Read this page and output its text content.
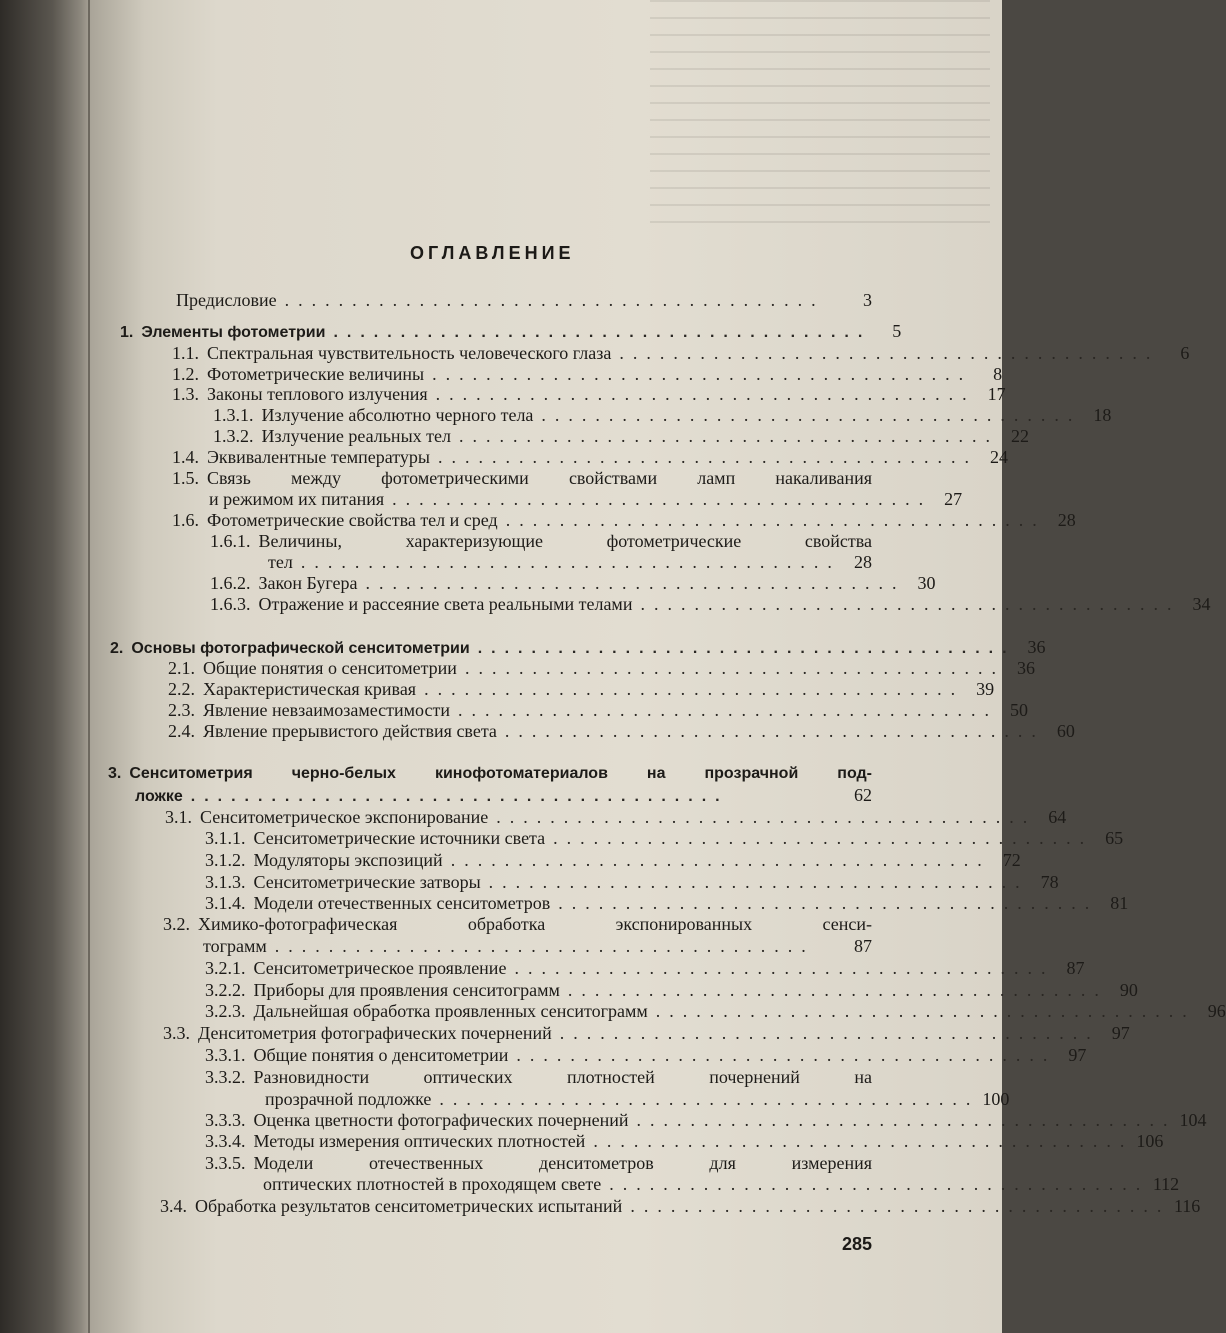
ОГЛАВЛЕНИЕ
Предисловие ........................................	3
1. Элементы фотометрии ........................................	5
1.1. Спектральная чувствительность человеческого глаза ........................................	6
1.2. Фотометрические величины ........................................	8
1.3. Законы теплового излучения ........................................ 17
1.3.1. Излучение абсолютно черного тела ........................................ 18
1.3.2. Излучение реальных тел ........................................ 22
1.4. Эквивалентные температуры ........................................ 24
1.5. Связь между фотометрическими свойствами ламп накаливания
и режимом их питания ........................................ 27
1.6. Фотометрические свойства тел и сред ........................................ 28
1.6.1. Величины, характеризующие фотометрические свойства
тел ........................................ 28
1.6.2. Закон Бугера ........................................ 30
1.6.3. Отражение и рассеяние света реальными телами ........................................ 34
2. Основы фотографической сенситометрии ........................................ 36
2.1. Общие понятия о сенситометрии ........................................ 36
2.2. Характеристическая кривая ........................................ 39
2.3. Явление невзаимозаместимости ........................................ 50
2.4. Явление прерывистого действия света ........................................ 60
3. Сенситометрия черно-белых кинофотоматериалов на прозрачной под-
ложке ........................................	62
3.1. Сенситометрическое экспонирование ........................................ 64
3.1.1. Сенситометрические источники света ........................................ 65
3.1.2. Модуляторы экспозиций ........................................ 72
3.1.3. Сенситометрические затворы ........................................ 78
3.1.4. Модели отечественных сенситометров ........................................ 81
3.2. Химико-фотографическая обработка экспонированных сенси-
тограмм ........................................	87
3.2.1. Сенситометрическое проявление ........................................ 87
3.2.2. Приборы для проявления сенситограмм ........................................ 90
3.2.3. Дальнейшая обработка проявленных сенситограмм ........................................ 96
3.3. Денситометрия фотографических почернений ........................................ 97
3.3.1. Общие понятия о денситометрии ........................................ 97
3.3.2. Разновидности оптических плотностей почернений на
прозрачной подложке ........................................ 100
3.3.3. Оценка цветности фотографических почернений ........................................ 104
3.3.4. Методы измерения оптических плотностей ........................................ 106
3.3.5. Модели отечественных денситометров для измерения
оптических плотностей в проходящем свете ........................................ 112
3.4. Обработка результатов сенситометрических испытаний ........................................ 116
285
